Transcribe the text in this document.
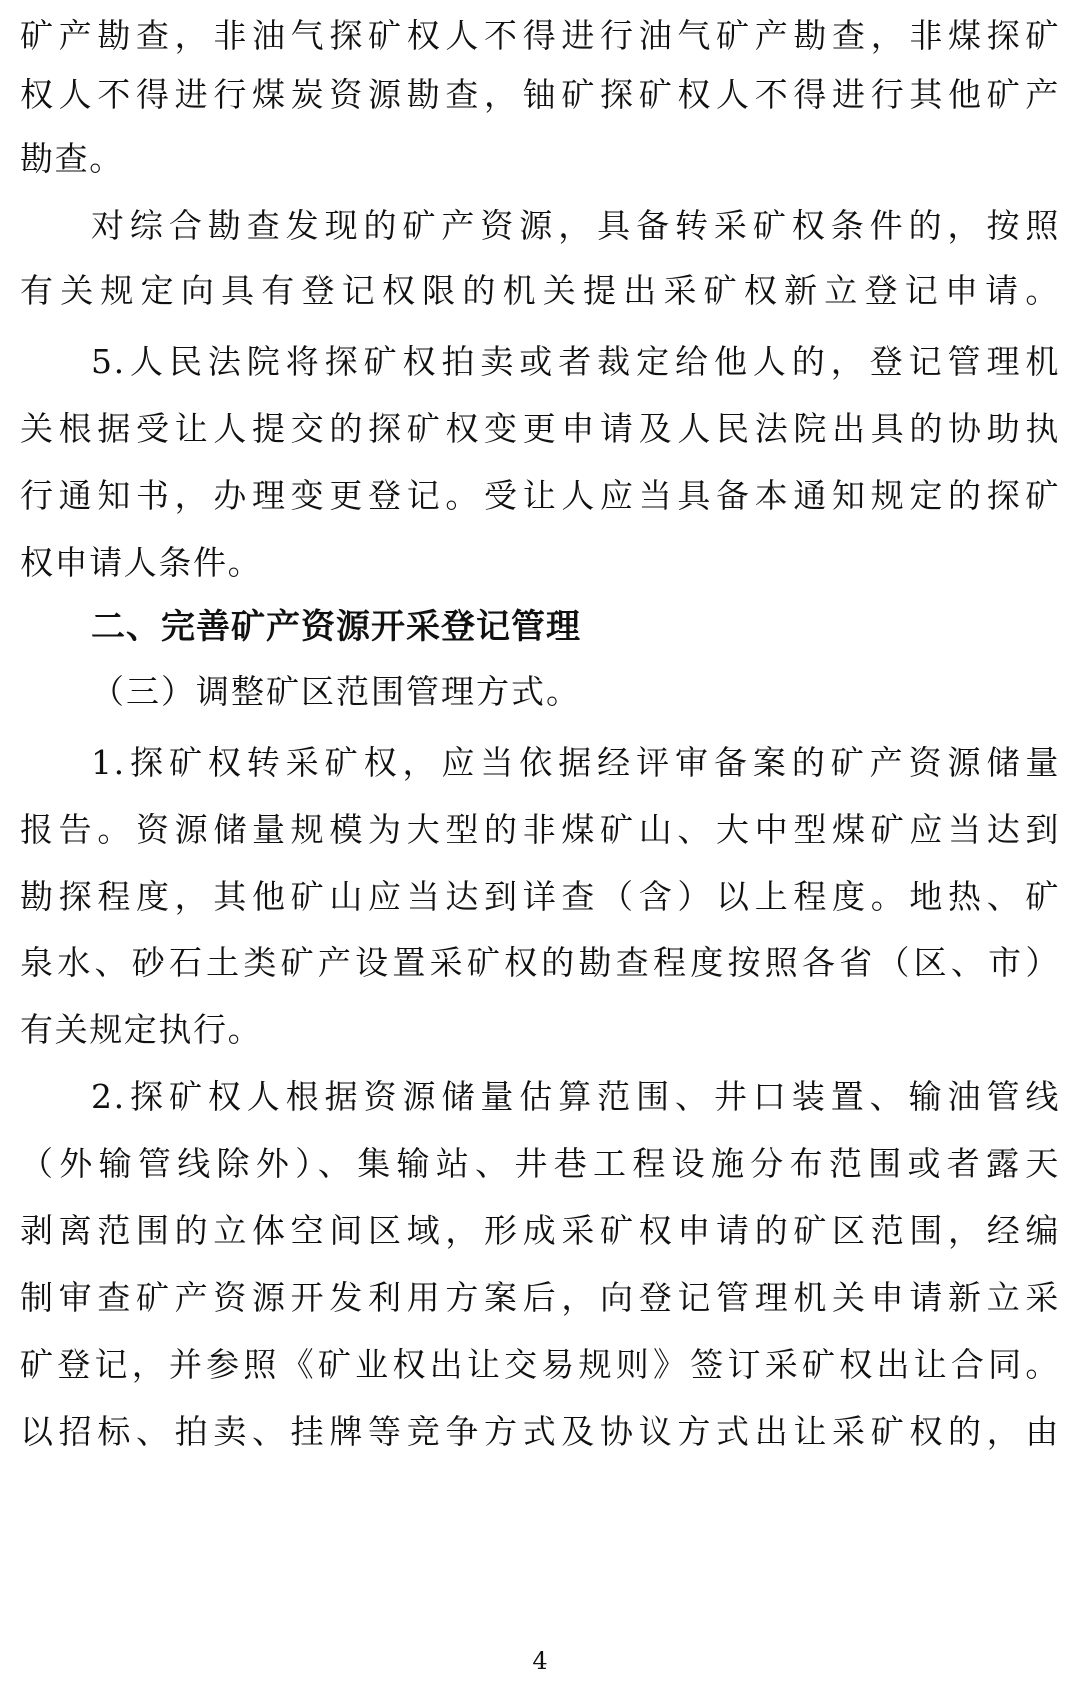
矿产勘查，非油气探矿权人不得进行油气矿产勘查，非煤探矿
权人不得进行煤炭资源勘查，铀矿探矿权人不得进行其他矿产
勘查。
对综合勘查发现的矿产资源，具备转采矿权条件的，按照
有关规定向具有登记权限的机关提出采矿权新立登记申请。
5.人民法院将探矿权拍卖或者裁定给他人的，登记管理机
关根据受让人提交的探矿权变更申请及人民法院出具的协助执
行通知书，办理变更登记。受让人应当具备本通知规定的探矿
权申请人条件。
二、完善矿产资源开采登记管理
（三）调整矿区范围管理方式。
1.探矿权转采矿权，应当依据经评审备案的矿产资源储量
报告。资源储量规模为大型的非煤矿山、大中型煤矿应当达到
勘探程度，其他矿山应当达到详查（含）以上程度。地热、矿
泉水、砂石土类矿产设置采矿权的勘查程度按照各省（区、市）
有关规定执行。
2.探矿权人根据资源储量估算范围、井口装置、输油管线
（外输管线除外）、集输站、井巷工程设施分布范围或者露天
剥离范围的立体空间区域，形成采矿权申请的矿区范围，经编
制审查矿产资源开发利用方案后，向登记管理机关申请新立采
矿登记，并参照《矿业权出让交易规则》签订采矿权出让合同。
以招标、拍卖、挂牌等竞争方式及协议方式出让采矿权的，由
4
